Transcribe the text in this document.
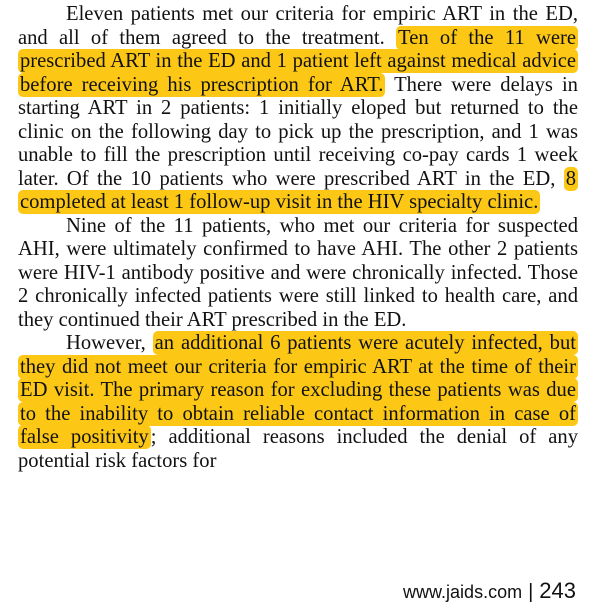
Eleven patients met our criteria for empiric ART in the ED, and all of them agreed to the treatment. Ten of the 11 were prescribed ART in the ED and 1 patient left against medical advice before receiving his prescription for ART. There were delays in starting ART in 2 patients: 1 initially eloped but returned to the clinic on the following day to pick up the prescription, and 1 was unable to fill the prescription until receiving co-pay cards 1 week later. Of the 10 patients who were prescribed ART in the ED, 8 completed at least 1 follow-up visit in the HIV specialty clinic.

Nine of the 11 patients, who met our criteria for suspected AHI, were ultimately confirmed to have AHI. The other 2 patients were HIV-1 antibody positive and were chronically infected. Those 2 chronically infected patients were still linked to health care, and they continued their ART prescribed in the ED.

However, an additional 6 patients were acutely infected, but they did not meet our criteria for empiric ART at the time of their ED visit. The primary reason for excluding these patients was due to the inability to obtain reliable contact information in case of false positivity; additional reasons included the denial of any potential risk factors for

www.jaids.com | 243
